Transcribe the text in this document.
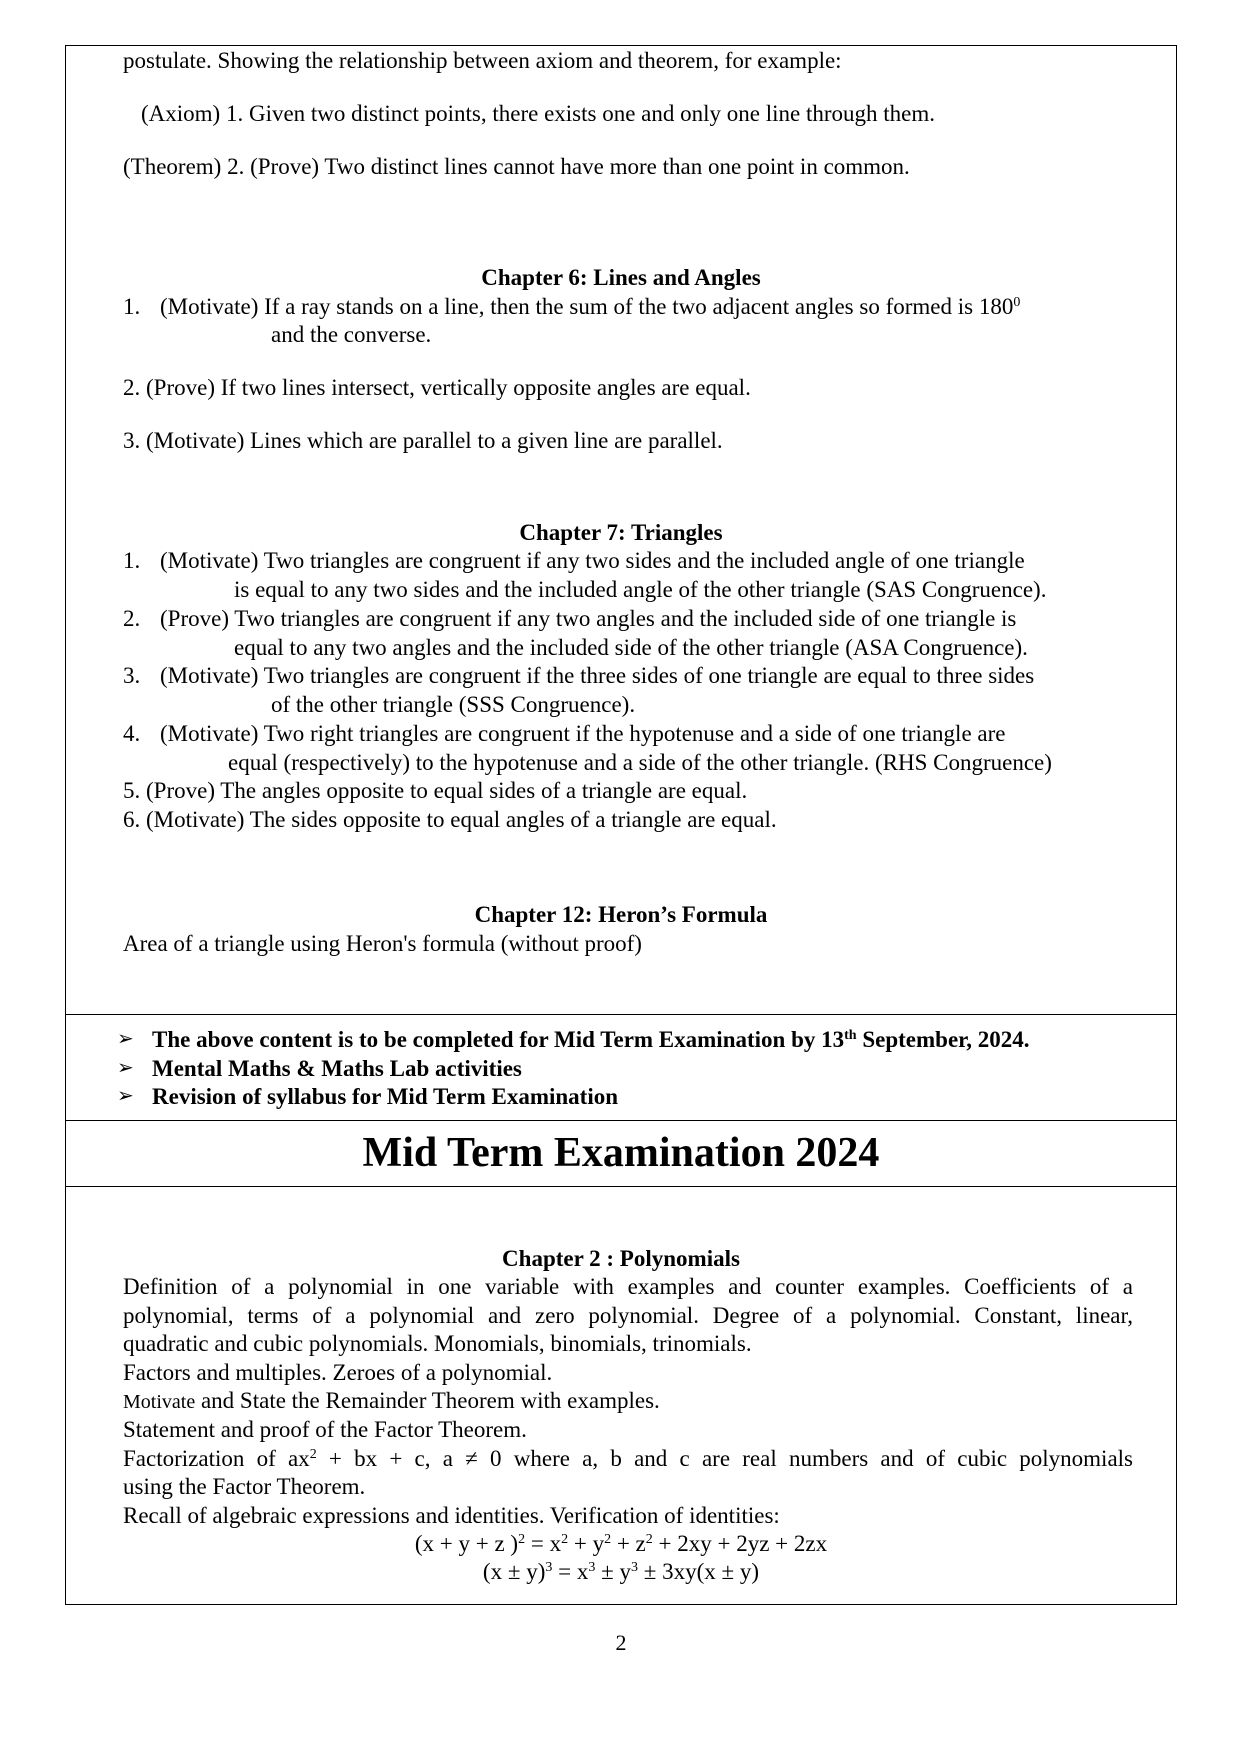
postulate. Showing the relationship between axiom and theorem, for example:
(Axiom) 1. Given two distinct points, there exists one and only one line through them.
(Theorem) 2. (Prove) Two distinct lines cannot have more than one point in common.
Chapter 6: Lines and Angles
1. (Motivate) If a ray stands on a line, then the sum of the two adjacent angles so formed is $180^0$
and the converse.
2. (Prove) If two lines intersect, vertically opposite angles are equal.
3. (Motivate) Lines which are parallel to a given line are parallel.
Chapter 7: Triangles
1. (Motivate) Two triangles are congruent if any two sides and the included angle of one triangle
is equal to any two sides and the included angle of the other triangle (SAS Congruence).
2. (Prove) Two triangles are congruent if any two angles and the included side of one triangle is
equal to any two angles and the included side of the other triangle (ASA Congruence).
3. (Motivate) Two triangles are congruent if the three sides of one triangle are equal to three sides
of the other triangle (SSS Congruence).
4. (Motivate) Two right triangles are congruent if the hypotenuse and a side of one triangle are
equal (respectively) to the hypotenuse and a side of the other triangle. (RHS Congruence)
5. (Prove) The angles opposite to equal sides of a triangle are equal.
6. (Motivate) The sides opposite to equal angles of a triangle are equal.
Chapter 12: Heron’s Formula
Area of a triangle using Heron's formula (without proof)
➢ The above content is to be completed for Mid Term Examination by 13th September, 2024.
➢ Mental Maths & Maths Lab activities
➢ Revision of syllabus for Mid Term Examination
Mid Term Examination 2024
Chapter 2 : Polynomials
Definition of a polynomial in one variable with examples and counter examples. Coefficients of a
polynomial, terms of a polynomial and zero polynomial. Degree of a polynomial. Constant, linear,
quadratic and cubic polynomials. Monomials, binomials, trinomials.
Factors and multiples. Zeroes of a polynomial.
Motivate and State the Remainder Theorem with examples.
Statement and proof of the Factor Theorem.
Factorization of $ax^2$ + bx + c, a ≠ 0 where a, b and c are real numbers and of cubic polynomials
using the Factor Theorem.
Recall of algebraic expressions and identities. Verification of identities:
(x + y + z )$^2 = x^2 + y^2 + z^2 + 2xy + 2yz + 2zx$
$(x \pm y)^3 = x^3 \pm y^3 \pm 3xy(x \pm y)$
2
